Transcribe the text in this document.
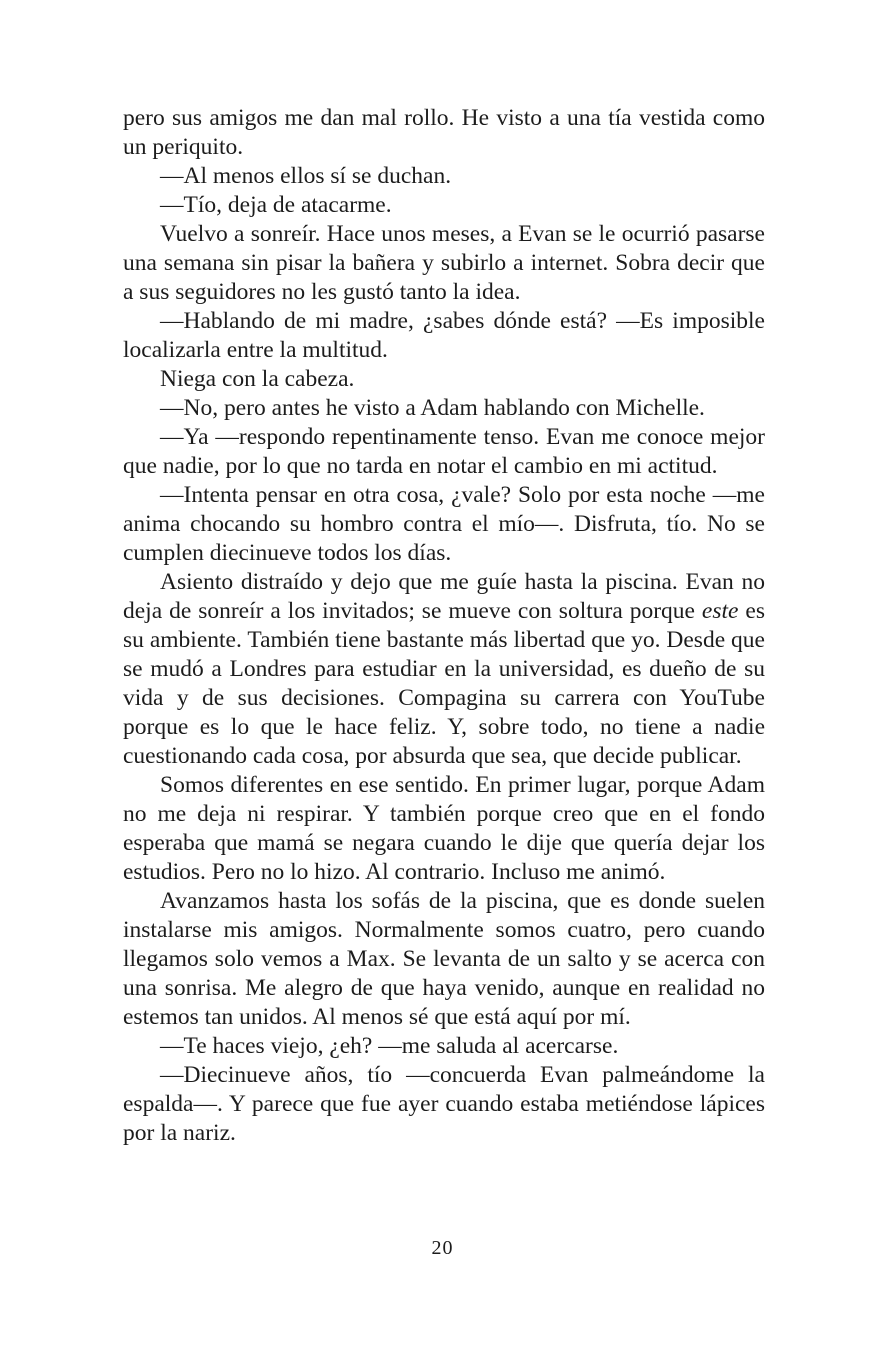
pero sus amigos me dan mal rollo. He visto a una tía vestida como un periquito.

—Al menos ellos sí se duchan.

—Tío, deja de atacarme.

Vuelvo a sonreír. Hace unos meses, a Evan se le ocurrió pasarse una semana sin pisar la bañera y subirlo a internet. Sobra decir que a sus seguidores no les gustó tanto la idea.

—Hablando de mi madre, ¿sabes dónde está? —Es imposible localizarla entre la multitud.

Niega con la cabeza.

—No, pero antes he visto a Adam hablando con Michelle.

—Ya —respondo repentinamente tenso. Evan me conoce mejor que nadie, por lo que no tarda en notar el cambio en mi actitud.

—Intenta pensar en otra cosa, ¿vale? Solo por esta noche —me anima chocando su hombro contra el mío—. Disfruta, tío. No se cumplen diecinueve todos los días.

Asiento distraído y dejo que me guíe hasta la piscina. Evan no deja de sonreír a los invitados; se mueve con soltura porque este es su ambiente. También tiene bastante más libertad que yo. Desde que se mudó a Londres para estudiar en la universidad, es dueño de su vida y de sus decisiones. Compagina su carrera con YouTube porque es lo que le hace feliz. Y, sobre todo, no tiene a nadie cuestionando cada cosa, por absurda que sea, que decide publicar.

Somos diferentes en ese sentido. En primer lugar, porque Adam no me deja ni respirar. Y también porque creo que en el fondo esperaba que mamá se negara cuando le dije que quería dejar los estudios. Pero no lo hizo. Al contrario. Incluso me animó.

Avanzamos hasta los sofás de la piscina, que es donde suelen instalarse mis amigos. Normalmente somos cuatro, pero cuando llegamos solo vemos a Max. Se levanta de un salto y se acerca con una sonrisa. Me alegro de que haya venido, aunque en realidad no estemos tan unidos. Al menos sé que está aquí por mí.

—Te haces viejo, ¿eh? —me saluda al acercarse.

—Diecinueve años, tío —concuerda Evan palmeándome la espalda—. Y parece que fue ayer cuando estaba metiéndose lápices por la nariz.

20
